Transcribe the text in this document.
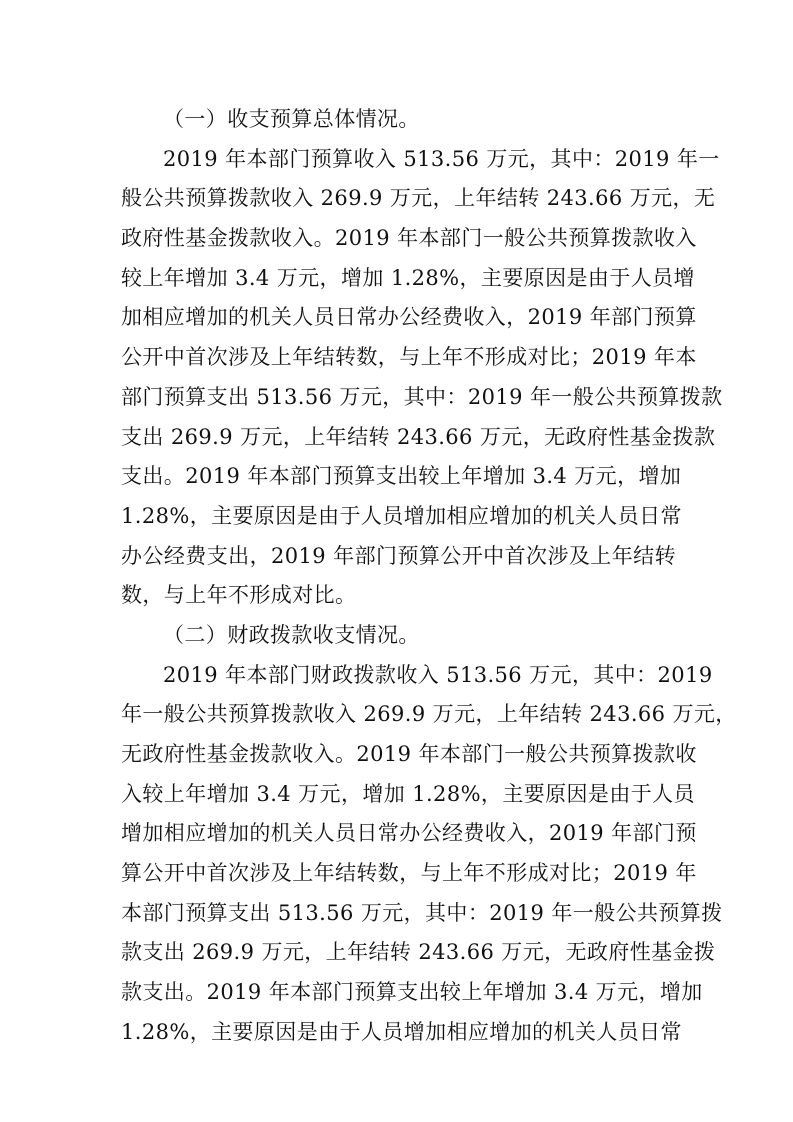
（一）收支预算总体情况。
2019 年本部门预算收入 513.56 万元，其中：2019 年一
般公共预算拨款收入 269.9 万元，上年结转 243.66 万元，无
政府性基金拨款收入。2019 年本部门一般公共预算拨款收入
较上年增加 3.4 万元，增加 1.28%，主要原因是由于人员增
加相应增加的机关人员日常办公经费收入，2019 年部门预算
公开中首次涉及上年结转数，与上年不形成对比；2019 年本
部门预算支出 513.56 万元，其中：2019 年一般公共预算拨款
支出 269.9 万元，上年结转 243.66 万元，无政府性基金拨款
支出。2019 年本部门预算支出较上年增加 3.4 万元，增加
1.28%，主要原因是由于人员增加相应增加的机关人员日常
办公经费支出，2019 年部门预算公开中首次涉及上年结转
数，与上年不形成对比。
（二）财政拨款收支情况。
2019 年本部门财政拨款收入 513.56 万元，其中：2019
年一般公共预算拨款收入 269.9 万元，上年结转 243.66 万元，
无政府性基金拨款收入。2019 年本部门一般公共预算拨款收
入较上年增加 3.4 万元，增加 1.28%，主要原因是由于人员
增加相应增加的机关人员日常办公经费收入，2019 年部门预
算公开中首次涉及上年结转数，与上年不形成对比；2019 年
本部门预算支出 513.56 万元，其中：2019 年一般公共预算拨
款支出 269.9 万元，上年结转 243.66 万元，无政府性基金拨
款支出。2019 年本部门预算支出较上年增加 3.4 万元，增加
1.28%，主要原因是由于人员增加相应增加的机关人员日常
